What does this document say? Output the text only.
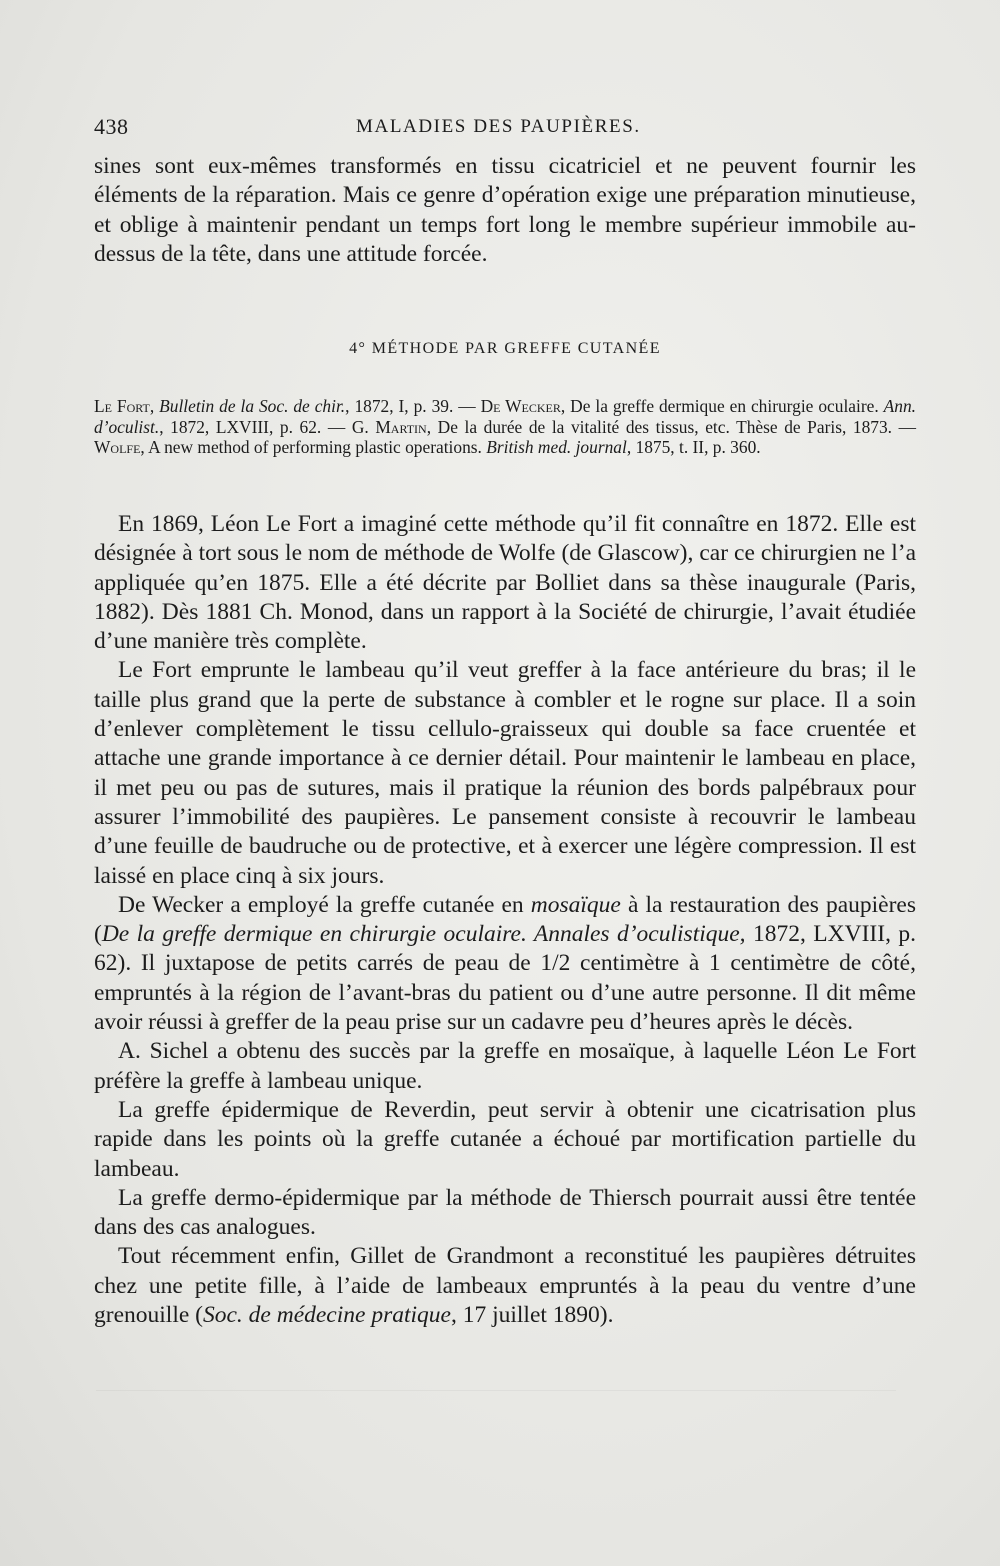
438	MALADIES DES PAUPIÈRES.

sines sont eux-mêmes transformés en tissu cicatriciel et ne peuvent fournir les éléments de la réparation. Mais ce genre d’opération exige une préparation minutieuse, et oblige à maintenir pendant un temps fort long le membre supérieur immobile au-dessus de la tête, dans une attitude forcée.

4° MÉTHODE PAR GREFFE CUTANÉE

Le Fort, Bulletin de la Soc. de chir., 1872, I, p. 39. — De Wecker, De la greffe dermique en chirurgie oculaire. Ann. d’oculist., 1872, LXVIII, p. 62. — G. Martin, De la durée de la vitalité des tissus, etc. Thèse de Paris, 1873. — Wolfe, A new method of performing plastic operations. British med. journal, 1875, t. II, p. 360.

En 1869, Léon Le Fort a imaginé cette méthode qu’il fit connaître en 1872. Elle est désignée à tort sous le nom de méthode de Wolfe (de Glascow), car ce chirurgien ne l’a appliquée qu’en 1875. Elle a été décrite par Bolliet dans sa thèse inaugurale (Paris, 1882). Dès 1881 Ch. Monod, dans un rapport à la Société de chirurgie, l’avait étudiée d’une manière très complète.

Le Fort emprunte le lambeau qu’il veut greffer à la face antérieure du bras; il le taille plus grand que la perte de substance à combler et le rogne sur place. Il a soin d’enlever complètement le tissu cellulo-graisseux qui double sa face cruentée et attache une grande importance à ce dernier détail. Pour maintenir le lambeau en place, il met peu ou pas de sutures, mais il pratique la réunion des bords palpébraux pour assurer l’immobilité des paupières. Le pansement consiste à recouvrir le lambeau d’une feuille de baudruche ou de protective, et à exercer une légère compression. Il est laissé en place cinq à six jours.

De Wecker a employé la greffe cutanée en mosaïque à la restauration des paupières (De la greffe dermique en chirurgie oculaire. Annales d’oculistique, 1872, LXVIII, p. 62). Il juxtapose de petits carrés de peau de 1/2 centimètre à 1 centimètre de côté, empruntés à la région de l’avant-bras du patient ou d’une autre personne. Il dit même avoir réussi à greffer de la peau prise sur un cadavre peu d’heures après le décès.

A. Sichel a obtenu des succès par la greffe en mosaïque, à laquelle Léon Le Fort préfère la greffe à lambeau unique.

La greffe épidermique de Reverdin, peut servir à obtenir une cicatrisation plus rapide dans les points où la greffe cutanée a échoué par mortification partielle du lambeau.

La greffe dermo-épidermique par la méthode de Thiersch pourrait aussi être tentée dans des cas analogues.

Tout récemment enfin, Gillet de Grandmont a reconstitué les paupières détruites chez une petite fille, à l’aide de lambeaux empruntés à la peau du ventre d’une grenouille (Soc. de médecine pratique, 17 juillet 1890).
